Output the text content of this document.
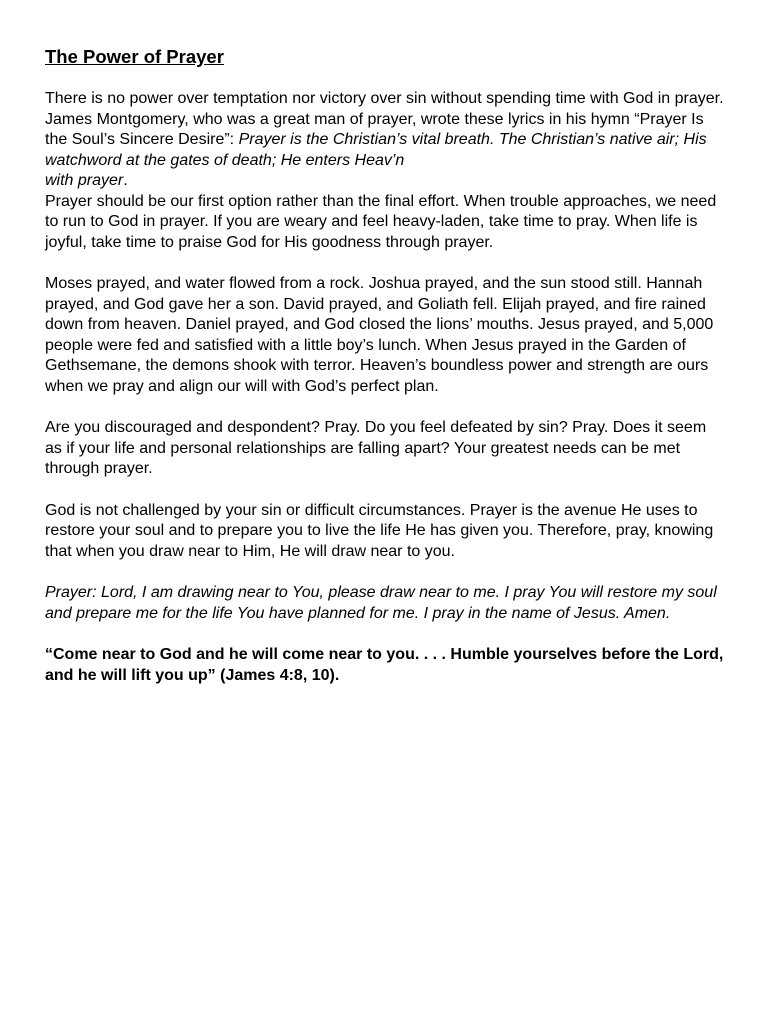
The Power of Prayer

There is no power over temptation nor victory over sin without spending time with God in prayer. James Montgomery, who was a great man of prayer, wrote these lyrics in his hymn “Prayer Is the Soul’s Sincere Desire”: Prayer is the Christian’s vital breath. The Christian’s native air; His watchword at the gates of death; He enters Heav’n
with prayer.

Prayer should be our first option rather than the final effort. When trouble approaches, we need to run to God in prayer. If you are weary and feel heavy-laden, take time to pray. When life is joyful, take time to praise God for His goodness through prayer.

Moses prayed, and water flowed from a rock. Joshua prayed, and the sun stood still. Hannah prayed, and God gave her a son. David prayed, and Goliath fell. Elijah prayed, and fire rained down from heaven. Daniel prayed, and God closed the lions’ mouths. Jesus prayed, and 5,000 people were fed and satisfied with a little boy’s lunch. When Jesus prayed in the Garden of Gethsemane, the demons shook with terror. Heaven’s boundless power and strength are ours when we pray and align our will with God’s perfect plan.

Are you discouraged and despondent? Pray. Do you feel defeated by sin? Pray. Does it seem as if your life and personal relationships are falling apart? Your greatest needs can be met through prayer.

God is not challenged by your sin or difficult circumstances. Prayer is the avenue He uses to restore your soul and to prepare you to live the life He has given you. Therefore, pray, knowing that when you draw near to Him, He will draw near to you.

Prayer: Lord, I am drawing near to You, please draw near to me. I pray You will restore my soul and prepare me for the life You have planned for me. I pray in the name of Jesus. Amen.

“Come near to God and he will come near to you. . . . Humble yourselves before the Lord, and he will lift you up” (James 4:8, 10).
